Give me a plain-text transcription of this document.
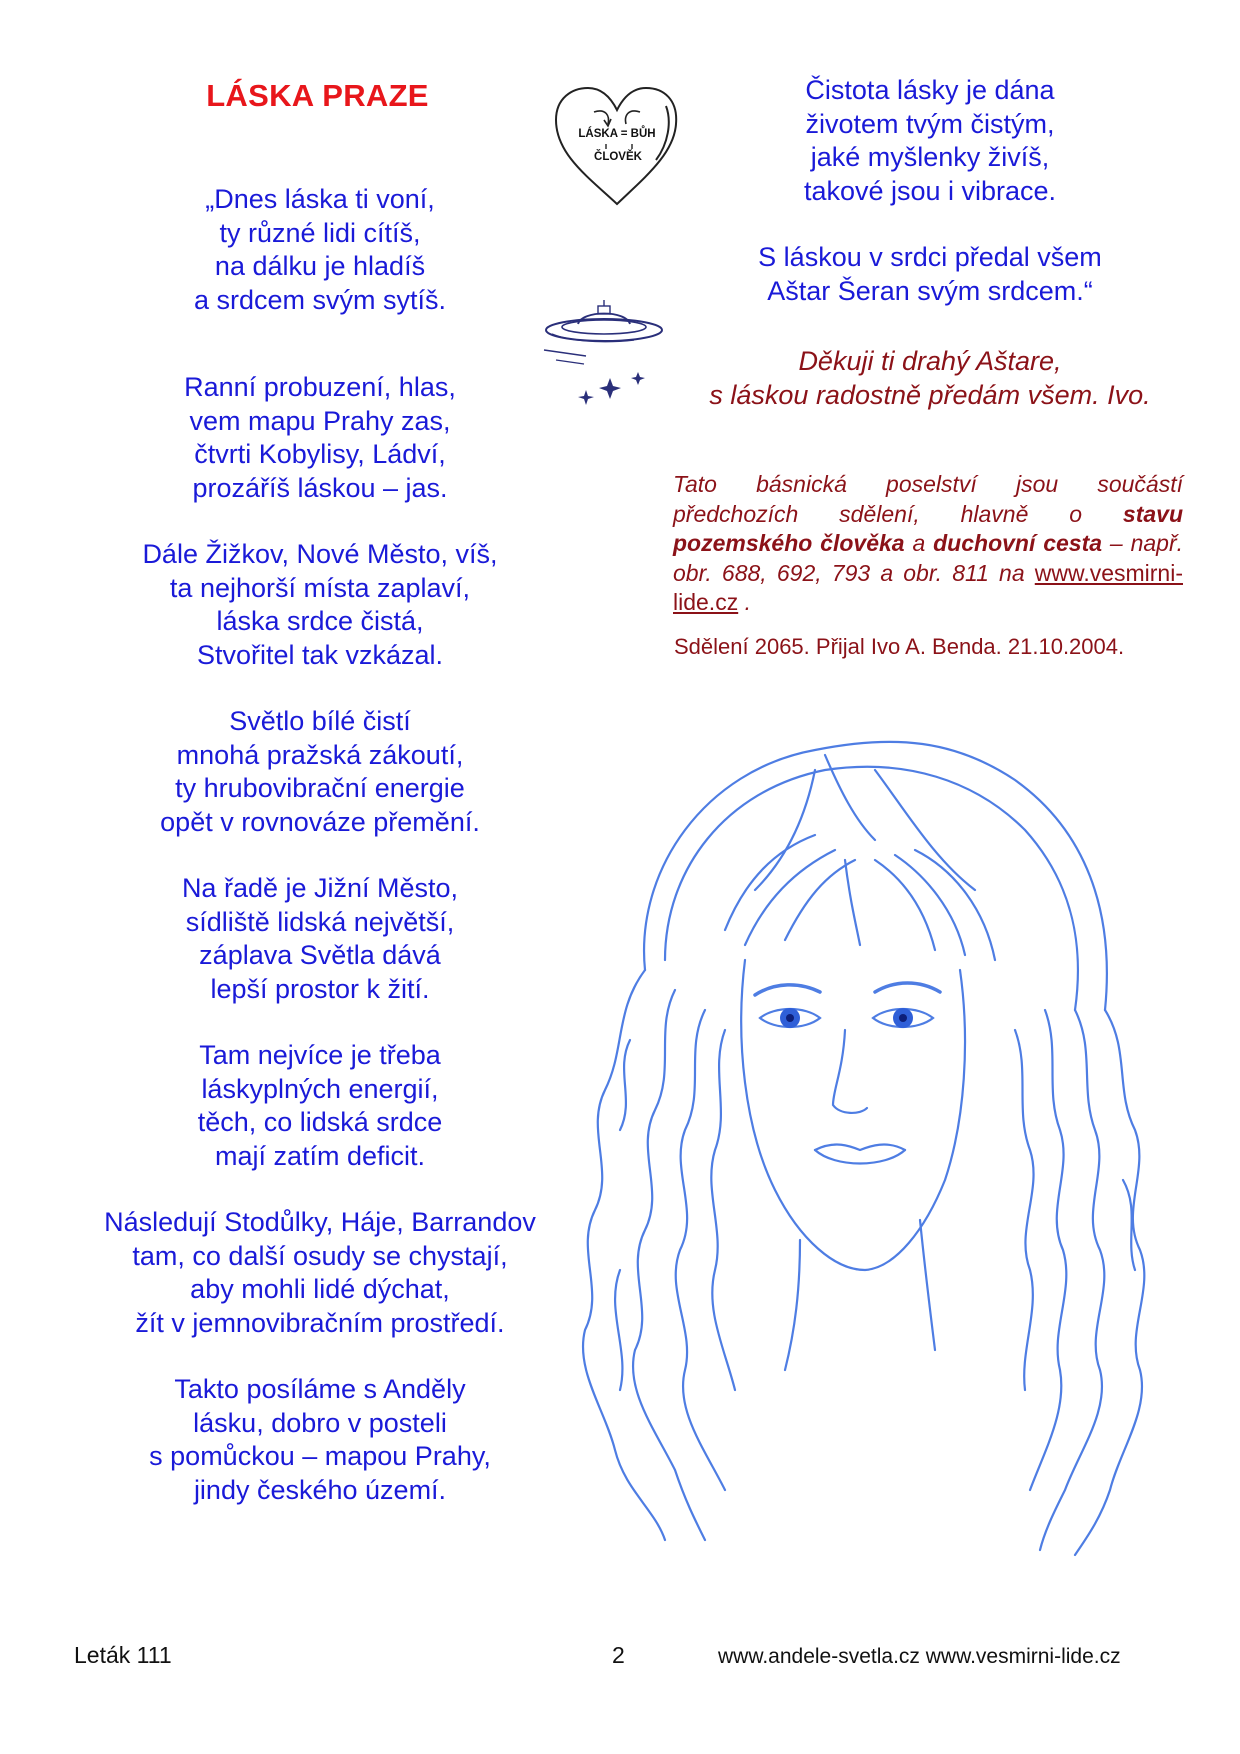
LÁSKA PRAZE
„Dnes láska ti voní,
ty různé lidi cítíš,
na dálku je hladíš
a srdcem svým sytíš.
Ranní probuzení, hlas,
vem mapu Prahy zas,
čtvrti Kobylisy, Ládví,
prozáříš láskou – jas.
Dále Žižkov, Nové Město, víš,
ta nejhorší místa zaplaví,
láska srdce čistá,
Stvořitel tak vzkázal.
Světlo bílé čistí
mnohá pražská zákoutí,
ty hrubovibrační energie
opět v rovnováze přemění.
Na řadě je Jižní Město,
sídliště lidská největší,
záplava Světla dává
lepší prostor k žití.
Tam nejvíce je třeba
láskyplných energií,
těch, co lidská srdce
mají zatím deficit.
Následují Stodůlky, Háje, Barrandov
tam, co další osudy se chystají,
aby mohli lidé dýchat,
žít v jemnovibračním prostředí.
Takto posíláme s Anděly
lásku, dobro v posteli
s pomůckou – mapou Prahy,
jindy českého území.
LÁSKA = BŮH
ČLOVĚK
Čistota lásky je dána
životem tvým čistým,
jaké myšlenky živíš,
takové jsou i vibrace.
S láskou v srdci předal všem
Aštar Šeran svým srdcem.“
Děkuji ti drahý Aštare,
s láskou radostně předám všem. Ivo.
Tato básnická poselství jsou součástí předchozích sdělení, hlavně o stavu pozemského člověka a duchovní cesta – např. obr. 688, 692, 793 a obr. 811 na www.vesmirni-lide.cz .
Sdělení 2065. Přijal Ivo A. Benda. 21.10.2004.
Leták 111	2	www.andele-svetla.cz www.vesmirni-lide.cz
